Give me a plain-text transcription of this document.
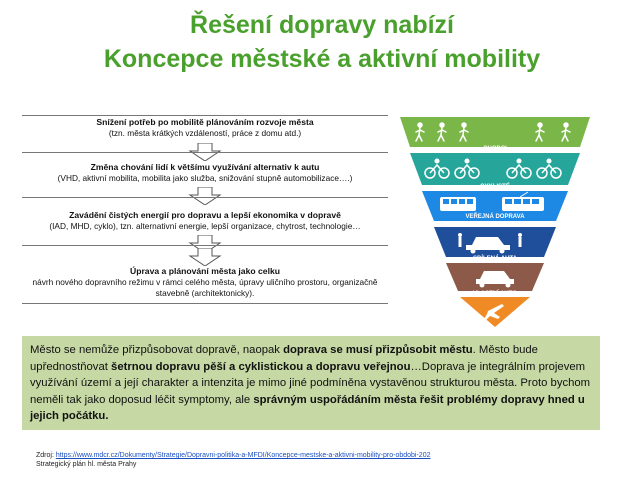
Řešení dopravy nabízí
Koncepce městské a aktivní mobility
Snížení potřeb po mobilitě plánováním rozvoje města
(tzn. města krátkých vzdáleností, práce z domu atd.)
Změna chování lidí k většímu využívání alternativ k autu
(VHD, aktivní mobilita, mobilita jako služba, snižování stupně automobilizace….)
Zavádění čistých energií pro dopravu a lepší ekonomika v dopravě
(IAD, MHD, cyklo), tzn. alternativní energie, lepší organizace, chytrost, technologie…
Úprava a plánování města jako celku
návrh nového dopravního režimu v rámci celého města, úpravy uličního prostoru, organizačně
stavebně (architektonicky).
CHODCI
CYKLISTÉ
VEŘEJNÁ DOPRAVA
SDÍLENÁ AUTA
VLASTNÍ AUTO
Město se nemůže přizpůsobovat dopravě, naopak doprava se musí přizpůsobit městu. Město bude upřednostňovat šetrnou dopravu pěší a cyklistickou a dopravu veřejnou…Doprava je integrálním projevem využívání území a její charakter a intenzita je mimo jiné podmíněna vystavěnou strukturou města. Proto bychom neměli tak jako doposud léčit symptomy, ale správným uspořádáním města řešit problémy dopravy hned u jejich počátku.
Zdroj: https://www.mdcr.cz/Dokumenty/Strategie/Dopravni-politika-a-MFDI/Koncepce-mestske-a-aktivni-mobility-pro-obdobi-202
Strategický plán hl. města Prahy
